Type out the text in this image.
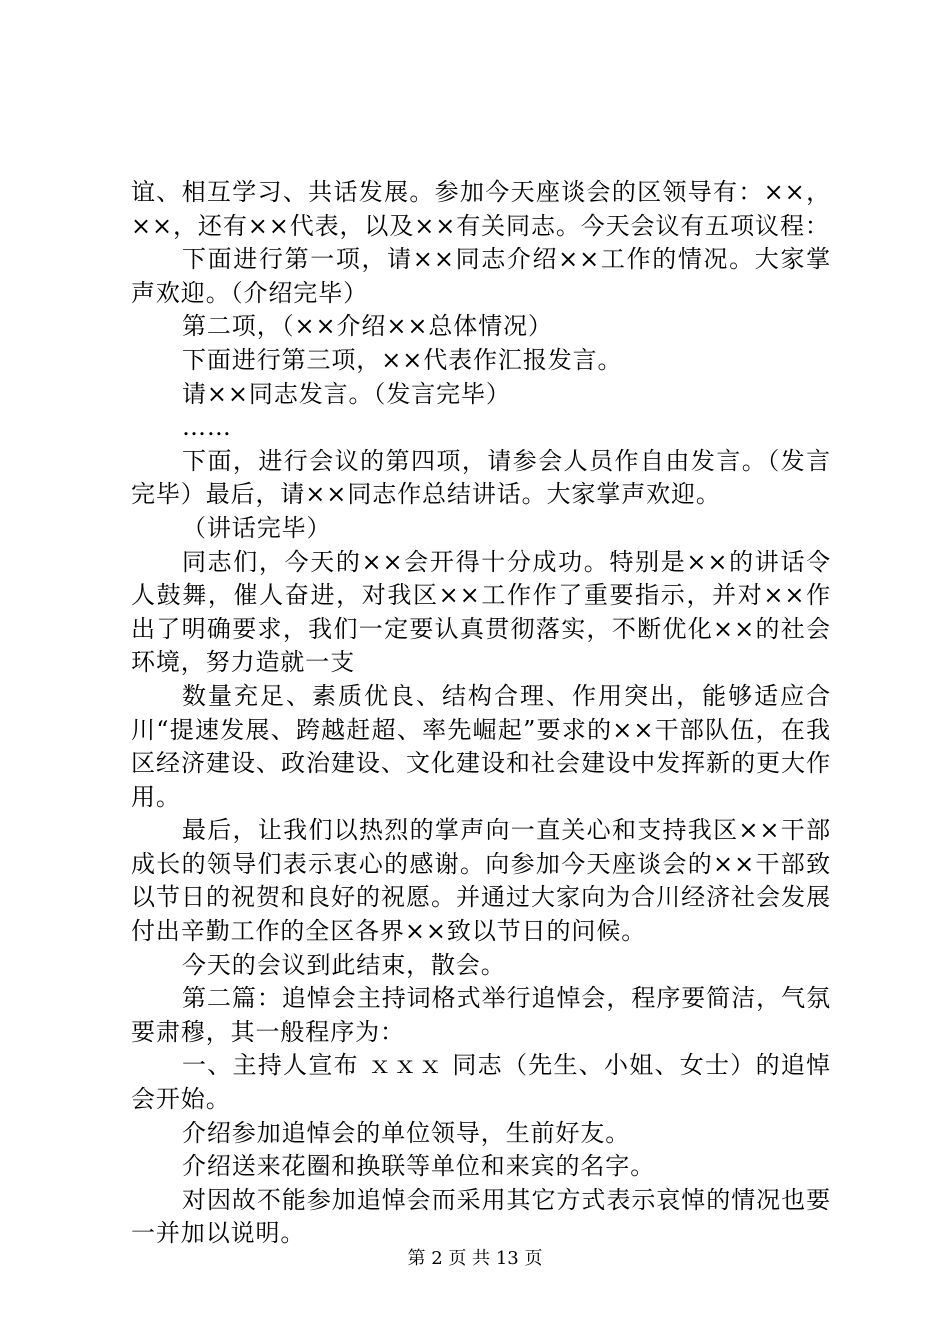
谊、相互学习、共话发展。参加今天座谈会的区领导有：××，××，还有××代表，以及××有关同志。今天会议有五项议程：

下面进行第一项，请××同志介绍××工作的情况。大家掌声欢迎。（介绍完毕）

第二项，（××介绍××总体情况）

下面进行第三项，××代表作汇报发言。

请××同志发言。（发言完毕）

……

下面，进行会议的第四项，请参会人员作自由发言。（发言完毕）最后，请××同志作总结讲话。大家掌声欢迎。

（讲话完毕）

同志们，今天的××会开得十分成功。特别是××的讲话令人鼓舞，催人奋进，对我区××工作作了重要指示，并对××作出了明确要求，我们一定要认真贯彻落实，不断优化××的社会环境，努力造就一支

数量充足、素质优良、结构合理、作用突出，能够适应合川“提速发展、跨越赶超、率先崛起”要求的××干部队伍，在我区经济建设、政治建设、文化建设和社会建设中发挥新的更大作用。

最后，让我们以热烈的掌声向一直关心和支持我区××干部成长的领导们表示衷心的感谢。向参加今天座谈会的××干部致以节日的祝贺和良好的祝愿。并通过大家向为合川经济社会发展付出辛勤工作的全区各界××致以节日的问候。

今天的会议到此结束，散会。

第二篇：追悼会主持词格式举行追悼会，程序要简洁，气氛要肃穆，其一般程序为：

一、主持人宣布 ｘｘｘ 同志（先生、小姐、女士）的追悼会开始。

介绍参加追悼会的单位领导，生前好友。

介绍送来花圈和换联等单位和来宾的名字。

对因故不能参加追悼会而采用其它方式表示哀悼的情况也要一并加以说明。

第 2 页 共 13 页
